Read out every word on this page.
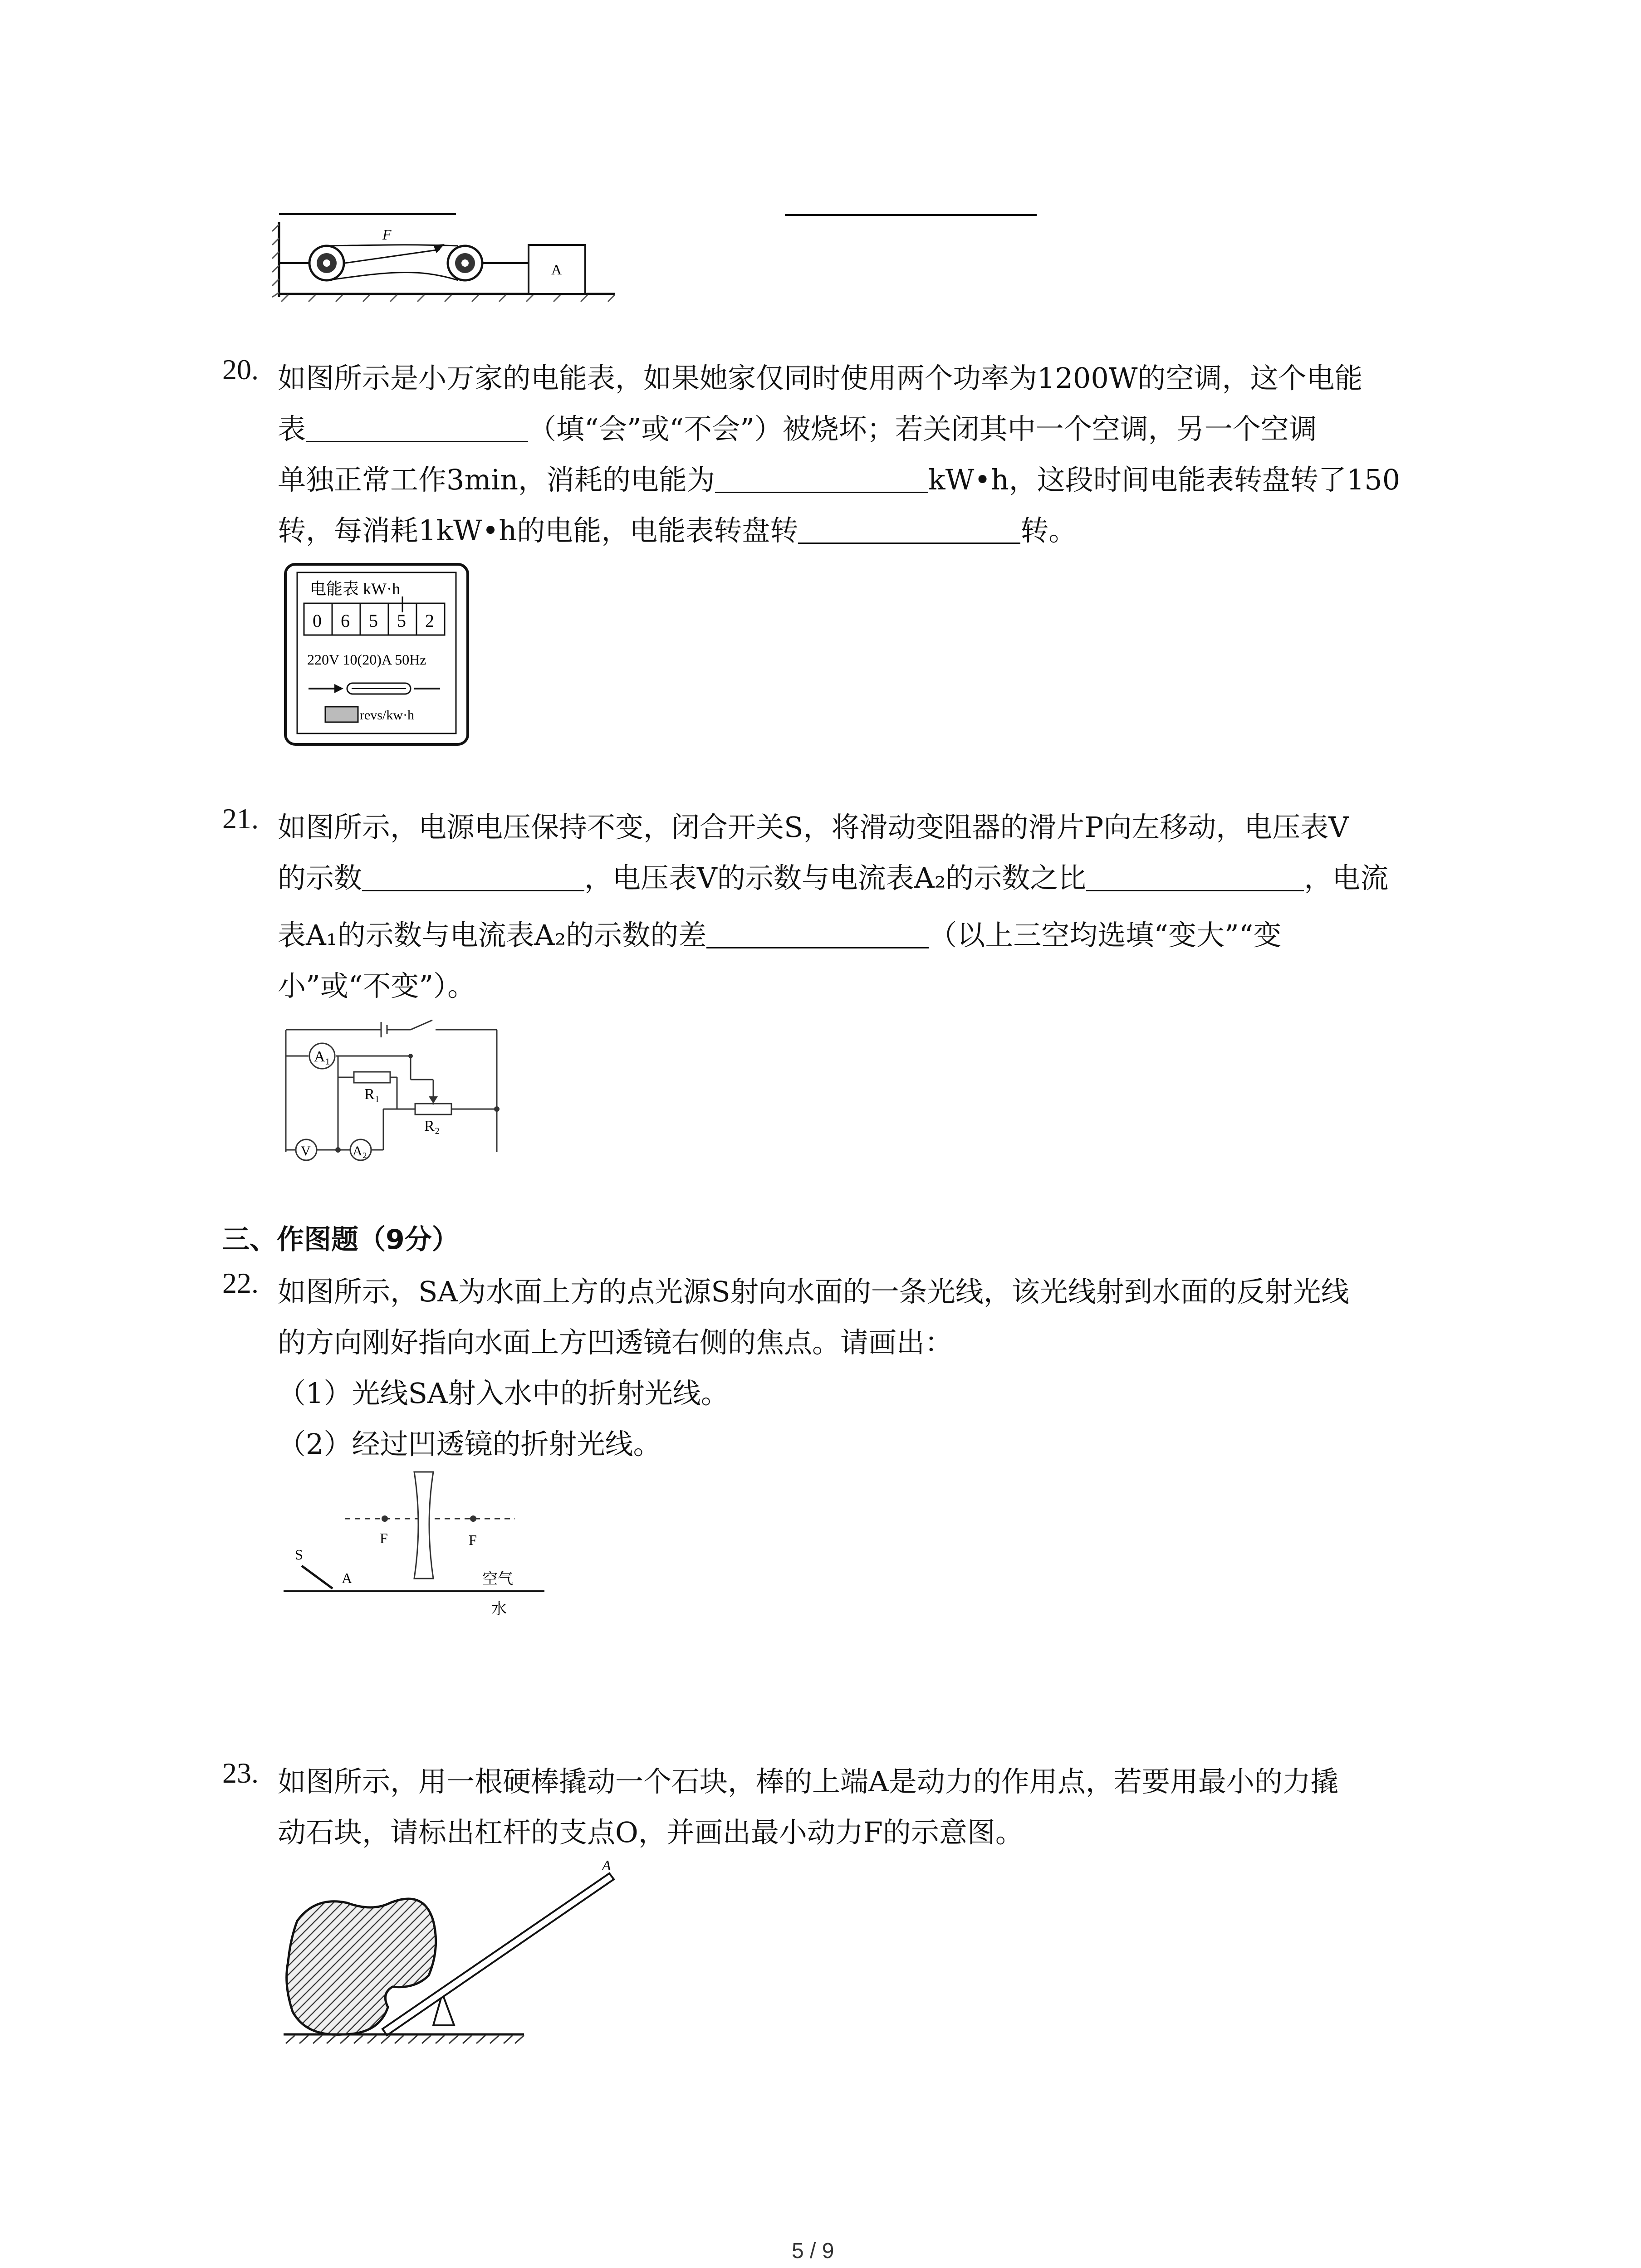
F
A
20. 如图所示是小万家的电能表，如果她家仅同时使用两个功率为1200W的空调，这个电能
表	（填“会”或“不会”）被烧坏；若关闭其中一个空调，另一个空调
单独正常工作3min，消耗的电能为	kW•h，这段时间电能表转盘转了150
转，每消耗1kW•h的电能，电能表转盘转	转。
电能表 kW·h
0 6 5 5 2
220V 10(20)A 50Hz
revs/kw·h
21. 如图所示，电源电压保持不变，闭合开关S，将滑动变阻器的滑片P向左移动，电压表V
的示数	，电压表V的示数与电流表A₂的示数之比	，电流
表A₁的示数与电流表A₂的示数的差	（以上三空均选填“变大”“变
小”或“不变”）。
A₁
R₁
R₂
V	A₂
三、作图题（9分）
22. 如图所示，SA为水面上方的点光源S射向水面的一条光线，该光线射到水面的反射光线
的方向刚好指向水面上方凹透镜右侧的焦点。请画出：
（1）光线SA射入水中的折射光线。
（2）经过凹透镜的折射光线。
F	F
S
A	空气
水
23. 如图所示，用一根硬棒撬动一个石块，棒的上端A是动力的作用点，若要用最小的力撬
动石块，请标出杠杆的支点O，并画出最小动力F的示意图。
A
5 / 9
